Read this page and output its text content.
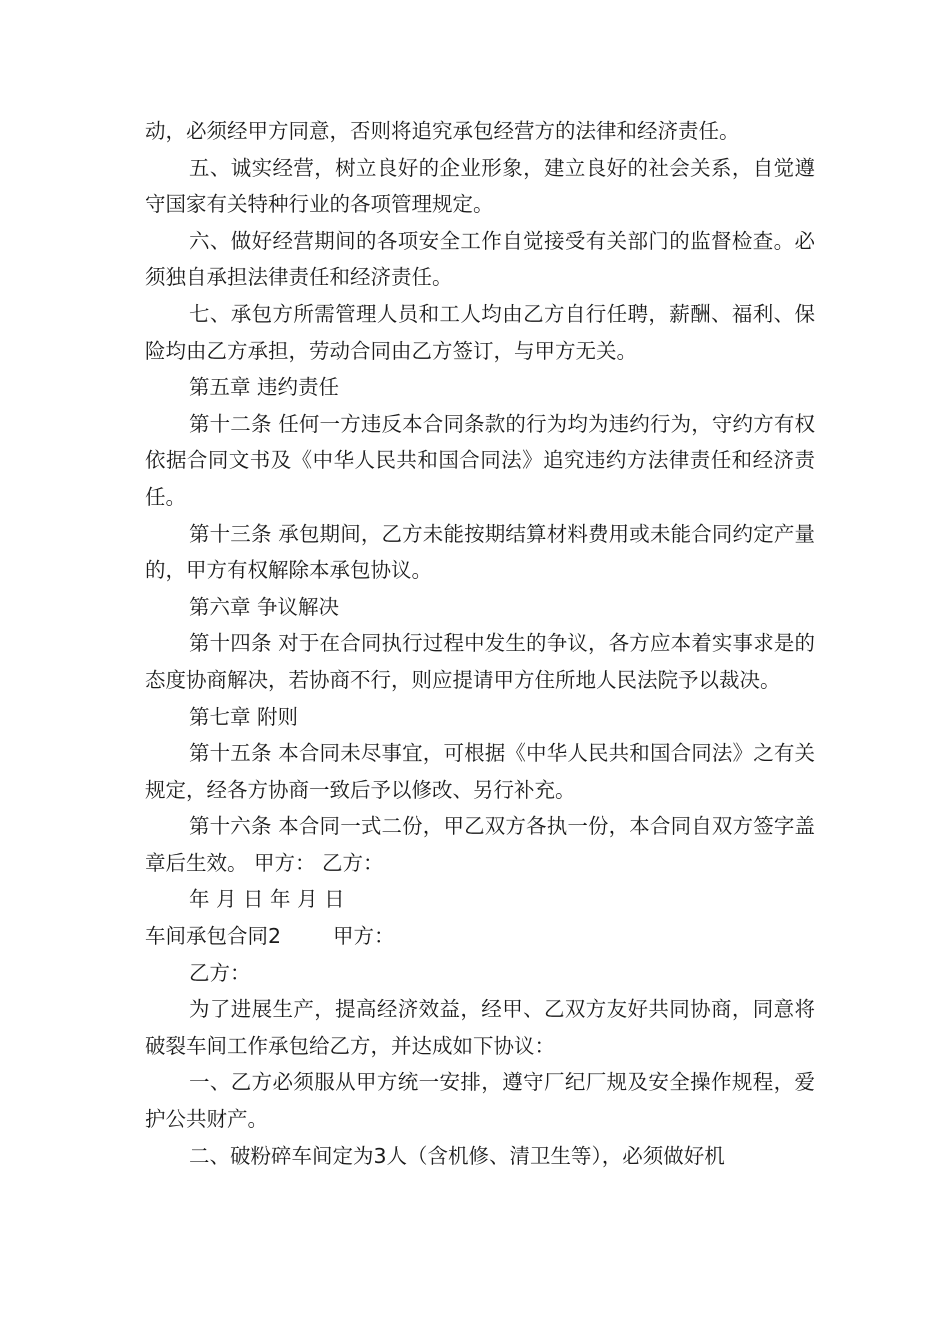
动，必须经甲方同意，否则将追究承包经营方的法律和经济责任。
五、诚实经营，树立良好的企业形象，建立良好的社会关系，自觉遵守国家有关特种行业的各项管理规定。
六、做好经营期间的各项安全工作自觉接受有关部门的监督检查。必须独自承担法律责任和经济责任。
七、承包方所需管理人员和工人均由乙方自行任聘，薪酬、福利、保险均由乙方承担，劳动合同由乙方签订，与甲方无关。
第五章 违约责任
第十二条 任何一方违反本合同条款的行为均为违约行为，守约方有权依据合同文书及《中华人民共和国合同法》追究违约方法律责任和经济责任。
第十三条 承包期间，乙方未能按期结算材料费用或未能合同约定产量的，甲方有权解除本承包协议。
第六章 争议解决
第十四条 对于在合同执行过程中发生的争议，各方应本着实事求是的态度协商解决，若协商不行，则应提请甲方住所地人民法院予以裁决。
第七章 附则
第十五条 本合同未尽事宜，可根据《中华人民共和国合同法》之有关规定，经各方协商一致后予以修改、另行补充。
第十六条 本合同一式二份，甲乙双方各执一份，本合同自双方签字盖章后生效。 甲方： 乙方：
年 月 日 年 月 日
车间承包合同2	甲方：
乙方：
为了进展生产，提高经济效益，经甲、乙双方友好共同协商，同意将破裂车间工作承包给乙方，并达成如下协议：
一、乙方必须服从甲方统一安排，遵守厂纪厂规及安全操作规程，爱护公共财产。
二、破粉碎车间定为3人（含机修、清卫生等），必须做好机
